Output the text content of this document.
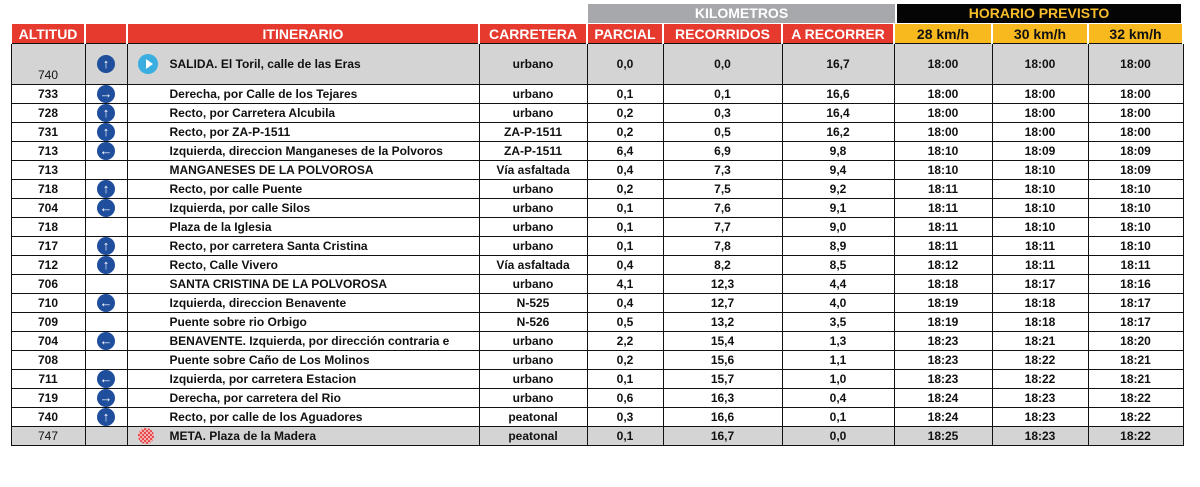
KILOMETROS	HORARIO PREVISTO
ALTITUD		ITINERARIO	CARRETERA	PARCIAL	RECORRIDOS	A RECORRER	28 km/h	30 km/h	32 km/h
740	↑	SALIDA. El Toril, calle de las Eras	urbano	0,0	0,0	16,7	18:00	18:00	18:00
733	→	Derecha, por Calle de los Tejares	urbano	0,1	0,1	16,6	18:00	18:00	18:00
728	↑	Recto, por Carretera Alcubila	urbano	0,2	0,3	16,4	18:00	18:00	18:00
731	↑	Recto, por ZA-P-1511	ZA-P-1511	0,2	0,5	16,2	18:00	18:00	18:00
713	←	Izquierda, direccion Manganeses de la Polvoros	ZA-P-1511	6,4	6,9	9,8	18:10	18:09	18:09
713		MANGANESES DE LA POLVOROSA	Vía asfaltada	0,4	7,3	9,4	18:10	18:10	18:09
718	↑	Recto, por calle Puente	urbano	0,2	7,5	9,2	18:11	18:10	18:10
704	←	Izquierda, por calle Silos	urbano	0,1	7,6	9,1	18:11	18:10	18:10
718		Plaza de la Iglesia	urbano	0,1	7,7	9,0	18:11	18:10	18:10
717	↑	Recto, por carretera Santa Cristina	urbano	0,1	7,8	8,9	18:11	18:11	18:10
712	↑	Recto, Calle Vivero	Vía asfaltada	0,4	8,2	8,5	18:12	18:11	18:11
706		SANTA CRISTINA DE LA POLVOROSA	urbano	4,1	12,3	4,4	18:18	18:17	18:16
710	←	Izquierda, direccion Benavente	N-525	0,4	12,7	4,0	18:19	18:18	18:17
709		Puente sobre rio Orbigo	N-526	0,5	13,2	3,5	18:19	18:18	18:17
704	←	BENAVENTE. Izquierda, por dirección contraria e	urbano	2,2	15,4	1,3	18:23	18:21	18:20
708		Puente sobre Caño de Los Molinos	urbano	0,2	15,6	1,1	18:23	18:22	18:21
711	←	Izquierda, por carretera Estacion	urbano	0,1	15,7	1,0	18:23	18:22	18:21
719	→	Derecha, por carretera del Rio	urbano	0,6	16,3	0,4	18:24	18:23	18:22
740	↑	Recto, por calle de los Aguadores	peatonal	0,3	16,6	0,1	18:24	18:23	18:22
747		META. Plaza de la Madera	peatonal	0,1	16,7	0,0	18:25	18:23	18:22
